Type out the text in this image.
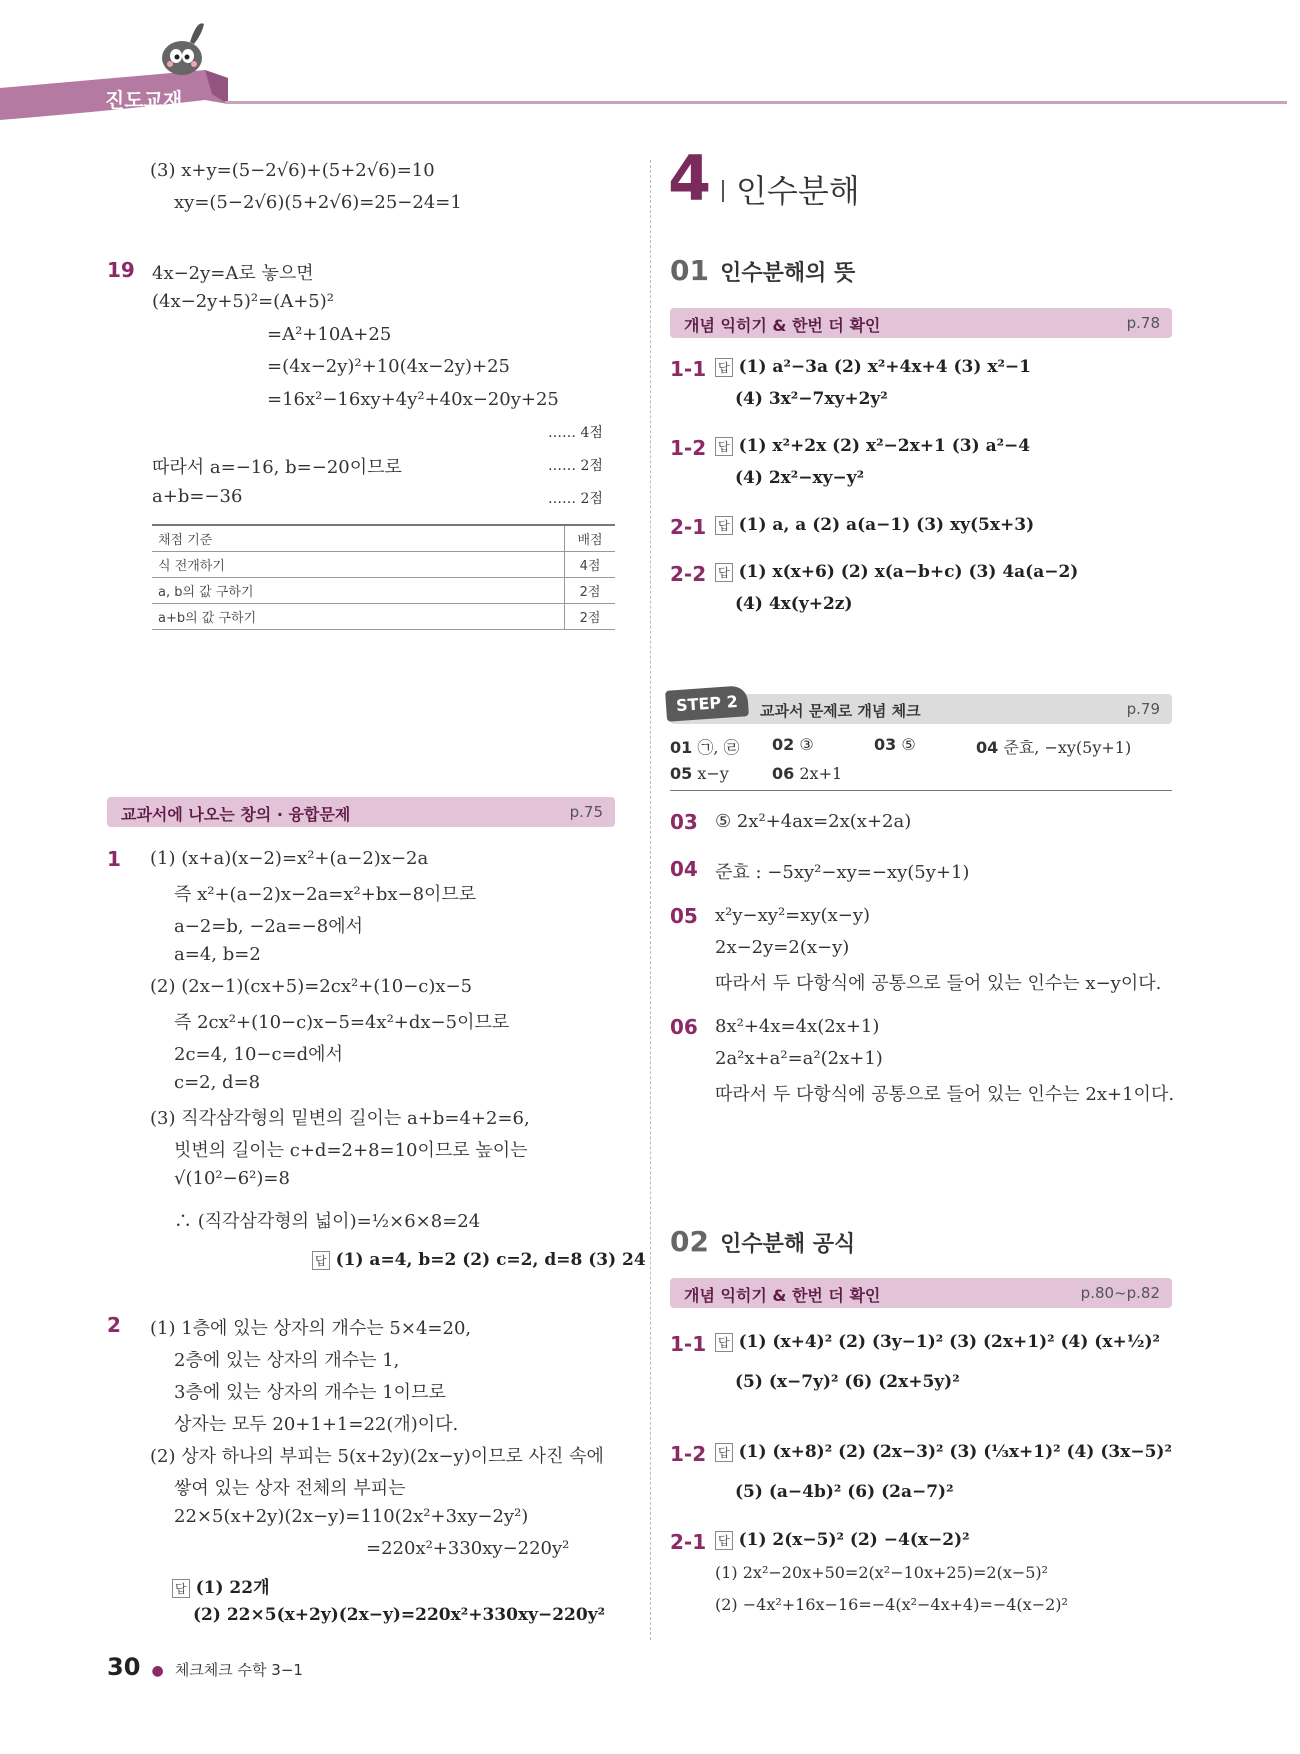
진도교재
(3) x+y=(5−2√6)+(5+2√6)=10
xy=(5−2√6)(5+2√6)=25−24=1
19 4x−2y=A로 놓으면
(4x−2y+5)²=(A+5)²
=A²+10A+25
=(4x−2y)²+10(4x−2y)+25
=16x²−16xy+4y²+40x−20y+25
…… 4점
따라서 a=−16, b=−20이므로	…… 2점
a+b=−36	…… 2점
채점 기준	배점
식 전개하기	4점
a, b의 값 구하기	2점
a+b의 값 구하기	2점
교과서에 나오는 창의 · 융합문제	p.75
1 (1) (x+a)(x−2)=x²+(a−2)x−2a
즉 x²+(a−2)x−2a=x²+bx−8이므로
a−2=b, −2a=−8에서
a=4, b=2
(2) (2x−1)(cx+5)=2cx²+(10−c)x−5
즉 2cx²+(10−c)x−5=4x²+dx−5이므로
2c=4, 10−c=d에서
c=2, d=8
(3) 직각삼각형의 밑변의 길이는 a+b=4+2=6,
빗변의 길이는 c+d=2+8=10이므로 높이는
√(10²−6²)=8
∴ (직각삼각형의 넓이)=½×6×8=24
답 (1) a=4, b=2 (2) c=2, d=8 (3) 24
2 (1) 1층에 있는 상자의 개수는 5×4=20,
2층에 있는 상자의 개수는 1,
3층에 있는 상자의 개수는 1이므로
상자는 모두 20+1+1=22(개)이다.
(2) 상자 하나의 부피는 5(x+2y)(2x−y)이므로 사진 속에
쌓여 있는 상자 전체의 부피는
22×5(x+2y)(2x−y)=110(2x²+3xy−2y²)
=220x²+330xy−220y²
답 (1) 22개
(2) 22×5(x+2y)(2x−y)=220x²+330xy−220y²
30 ● 체크체크 수학 3−1
4 인수분해
01 인수분해의 뜻
개념 익히기 & 한번 더 확인	p.78
1-1 답 (1) a²−3a (2) x²+4x+4 (3) x²−1
(4) 3x²−7xy+2y²
1-2 답 (1) x²+2x (2) x²−2x+1 (3) a²−4
(4) 2x²−xy−y²
2-1 답 (1) a, a (2) a(a−1) (3) xy(5x+3)
2-2 답 (1) x(x+6) (2) x(a−b+c) (3) 4a(a−2)
(4) 4x(y+2z)
STEP 2	교과서 문제로 개념 체크	p.79
01 ㉠, ㉣ 02 ③	03 ⑤	04 준효, −xy(5y+1)
05 x−y	06 2x+1
03 ⑤ 2x²+4ax=2x(x+2a)
04 준효 : −5xy²−xy=−xy(5y+1)
05 x²y−xy²=xy(x−y)
2x−2y=2(x−y)
따라서 두 다항식에 공통으로 들어 있는 인수는 x−y이다.
06 8x²+4x=4x(2x+1)
2a²x+a²=a²(2x+1)
따라서 두 다항식에 공통으로 들어 있는 인수는 2x+1이다.
02 인수분해 공식
개념 익히기 & 한번 더 확인	p.80~p.82
1-1 답 (1) (x+4)² (2) (3y−1)² (3) (2x+1)² (4) (x+½)²
(5) (x−7y)² (6) (2x+5y)²
1-2 답 (1) (x+8)² (2) (2x−3)² (3) (⅓x+1)² (4) (3x−5)²
(5) (a−4b)² (6) (2a−7)²
2-1 답 (1) 2(x−5)² (2) −4(x−2)²
(1) 2x²−20x+50=2(x²−10x+25)=2(x−5)²
(2) −4x²+16x−16=−4(x²−4x+4)=−4(x−2)²
